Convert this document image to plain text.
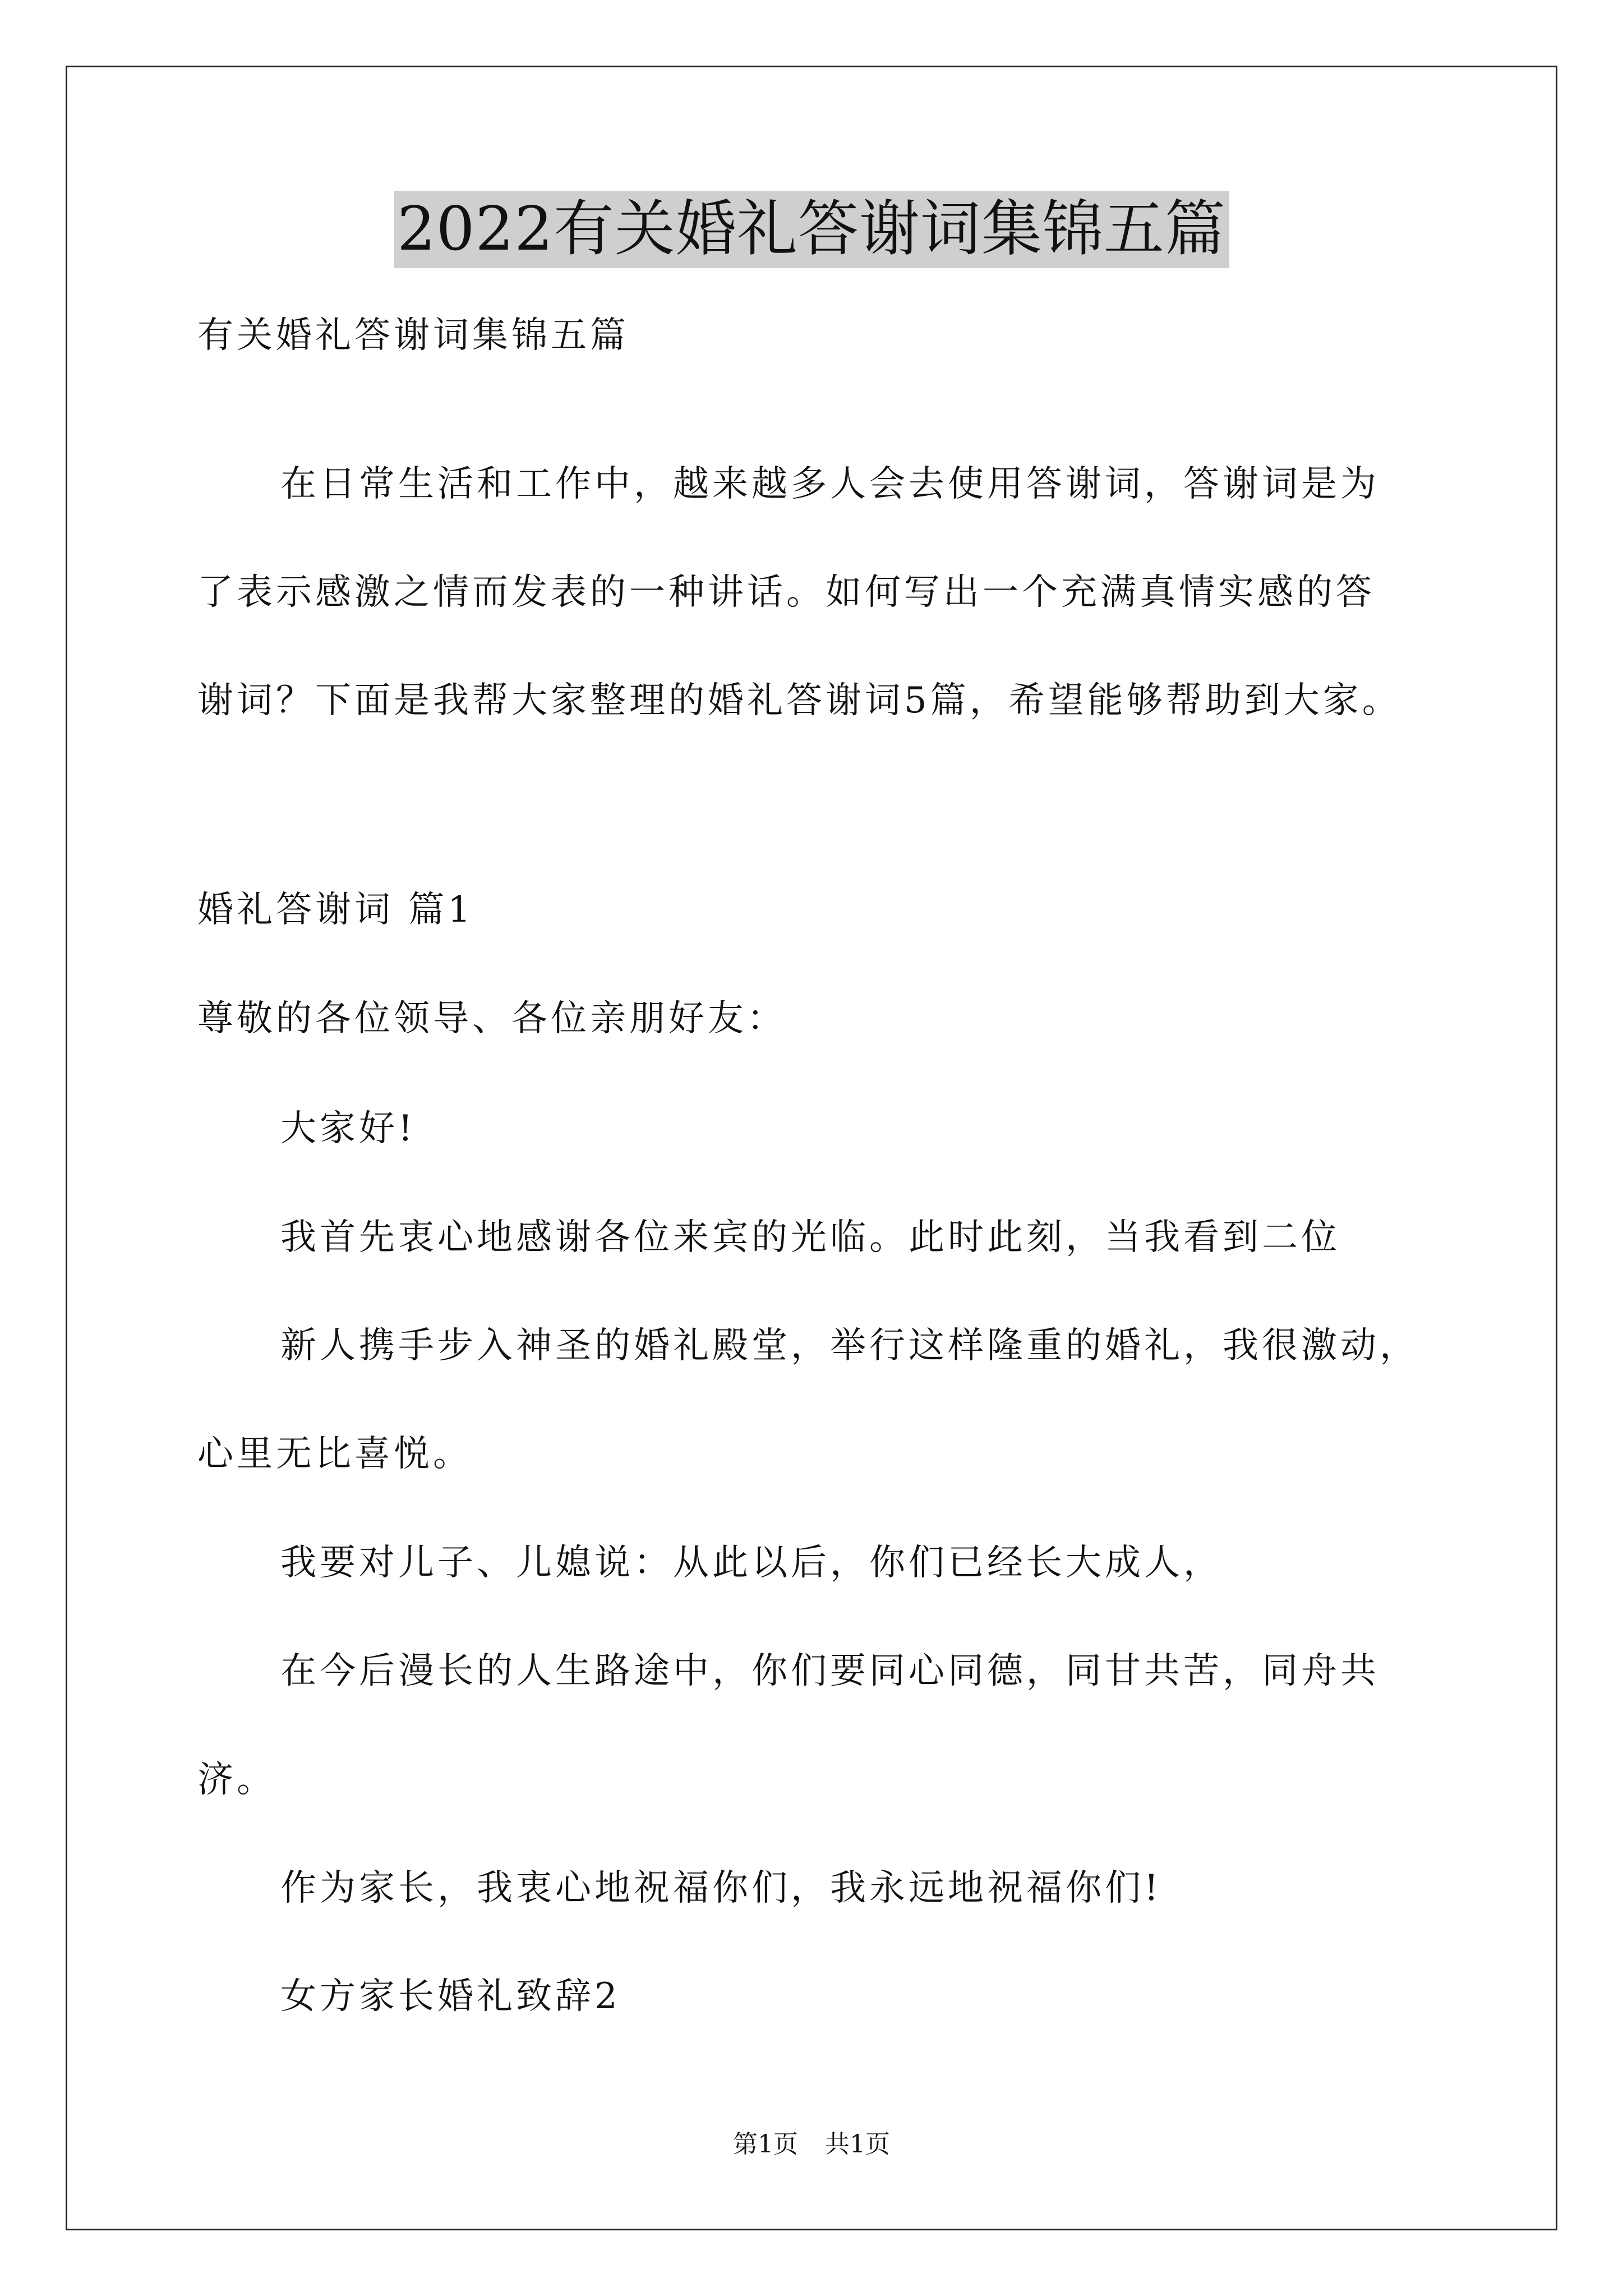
2022有关婚礼答谢词集锦五篇
有关婚礼答谢词集锦五篇
在日常生活和工作中，越来越多人会去使用答谢词，答谢词是为
了表示感激之情而发表的一种讲话。如何写出一个充满真情实感的答
谢词？下面是我帮大家整理的婚礼答谢词5篇，希望能够帮助到大家。
婚礼答谢词 篇1
尊敬的各位领导、各位亲朋好友：
大家好!
我首先衷心地感谢各位来宾的光临。此时此刻，当我看到二位
新人携手步入神圣的婚礼殿堂，举行这样隆重的婚礼，我很激动，
心里无比喜悦。
我要对儿子、儿媳说：从此以后，你们已经长大成人，
在今后漫长的人生路途中，你们要同心同德，同甘共苦，同舟共
济。
作为家长，我衷心地祝福你们，我永远地祝福你们!
女方家长婚礼致辞2
第1页 共1页
